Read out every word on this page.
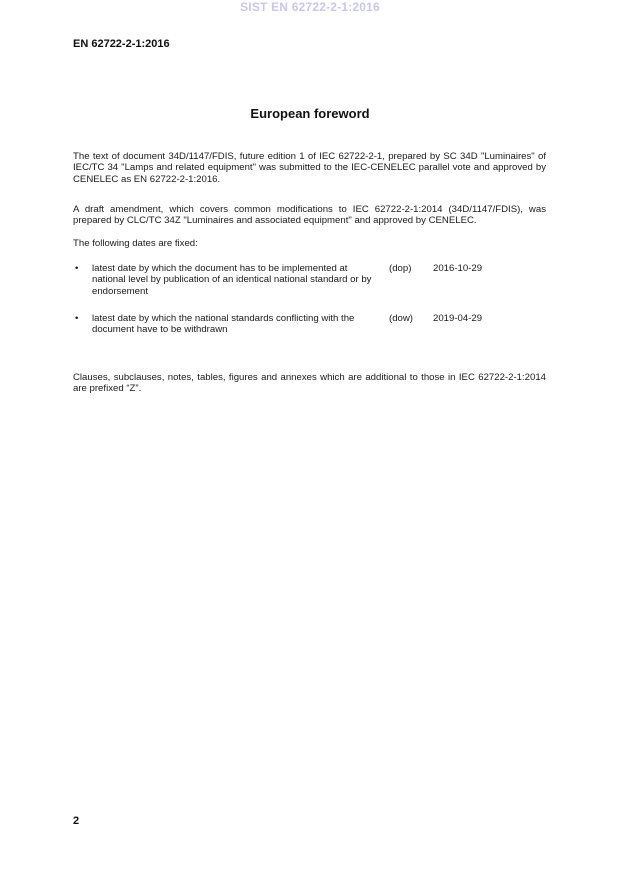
SIST EN 62722-2-1:2016
EN 62722-2-1:2016
European foreword
The text of document 34D/1147/FDIS, future edition 1 of IEC 62722-2-1, prepared by SC 34D "Luminaires" of IEC/TC 34 "Lamps and related equipment" was submitted to the IEC-CENELEC parallel vote and approved by CENELEC as EN 62722-2-1:2016.
A draft amendment, which covers common modifications to IEC 62722-2-1:2014 (34D/1147/FDIS), was prepared by CLC/TC 34Z "Luminaires and associated equipment" and approved by CENELEC.
The following dates are fixed:
• latest date by which the document has to be implemented at national level by publication of an identical national standard or by endorsement
(dop) 2016-10-29
• latest date by which the national standards conflicting with the document have to be withdrawn
(dow) 2019-04-29
Clauses, subclauses, notes, tables, figures and annexes which are additional to those in IEC 62722-2-1:2014 are prefixed “Z”.
2
